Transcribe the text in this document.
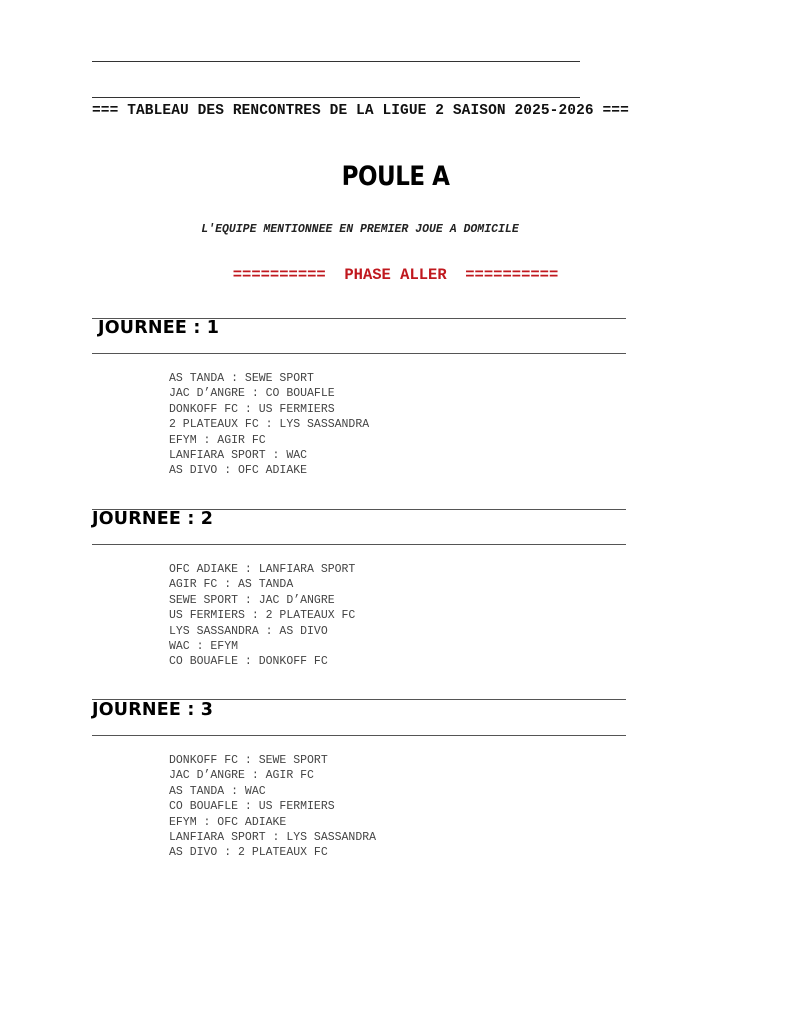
=== TABLEAU DES RENCONTRES DE LA LIGUE 2 SAISON 2025-2026 ===
POULE A
L'EQUIPE MENTIONNEE EN PREMIER JOUE A DOMICILE
==========  PHASE ALLER  ==========
JOURNEE : 1
AS TANDA : SEWE SPORT
JAC D’ANGRE : CO BOUAFLE
DONKOFF FC : US FERMIERS
2 PLATEAUX FC : LYS SASSANDRA
EFYM : AGIR FC
LANFIARA SPORT : WAC
AS DIVO : OFC ADIAKE
JOURNEE : 2
OFC ADIAKE : LANFIARA SPORT
AGIR FC : AS TANDA
SEWE SPORT : JAC D’ANGRE
US FERMIERS : 2 PLATEAUX FC
LYS SASSANDRA : AS DIVO
WAC : EFYM
CO BOUAFLE : DONKOFF FC
JOURNEE : 3
DONKOFF FC : SEWE SPORT
JAC D’ANGRE : AGIR FC
AS TANDA : WAC
CO BOUAFLE : US FERMIERS
EFYM : OFC ADIAKE
LANFIARA SPORT : LYS SASSANDRA
AS DIVO : 2 PLATEAUX FC
